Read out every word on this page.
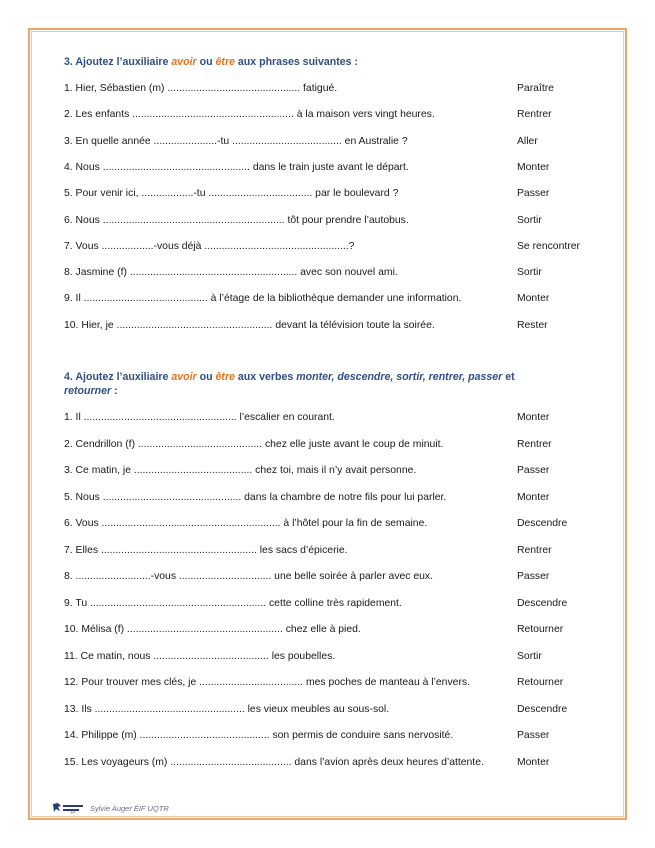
3. Ajoutez l’auxiliaire avoir ou être aux phrases suivantes :
1. Hier, Sébastien (m) .............................................. fatigué.	Paraître
2. Les enfants ........................................................ à la maison vers vingt heures.	Rentrer
3. En quelle année ......................-tu ...................................... en Australie ?	Aller
4. Nous ................................................... dans le train juste avant le départ.	Monter
5. Pour venir ici, ..................-tu .................................... par le boulevard ?	Passer
6. Nous ............................................................... tôt pour prendre l’autobus.	Sortir
7. Vous ..................-vous déjà ..................................................?	Se rencontrer
8. Jasmine (f) .......................................................... avec son nouvel ami.	Sortir
9. Il ........................................... à l’étage de la bibliothèque demander une information.	Monter
10. Hier, je ...................................................... devant la télévision toute la soirée.	Rester
4. Ajoutez l’auxiliaire avoir ou être aux verbes monter, descendre, sortir, rentrer, passer et
retourner :
1. Il ..................................................... l’escalier en courant.	Monter
2. Cendrillon (f) ........................................... chez elle juste avant le coup de minuit.	Rentrer
3. Ce matin, je ......................................... chez toi, mais il n’y avait personne.	Passer
5. Nous ................................................ dans la chambre de notre fils pour lui parler.	Monter
6. Vous .............................................................. à l’hôtel pour la fin de semaine.	Descendre
7. Elles ...................................................... les sacs d’épicerie.	Rentrer
8. ..........................-vous ................................ une belle soirée à parler avec eux.	Passer
9. Tu ............................................................. cette colline très rapidement.	Descendre
10. Mélisa (f) ...................................................... chez elle à pied.	Retourner
11. Ce matin, nous ........................................ les poubelles.	Sortir
12. Pour trouver mes clés, je .................................... mes poches de manteau à l’envers.	Retourner
13. Ils .................................................... les vieux meubles au sous-sol.	Descendre
14. Philippe (m) ............................................. son permis de conduire sans nervosité.	Passer
15. Les voyageurs (m) .......................................... dans l’avion après deux heures d’attente.	Monter
ÉIF Sylvie Auger ÉIF UQTR
